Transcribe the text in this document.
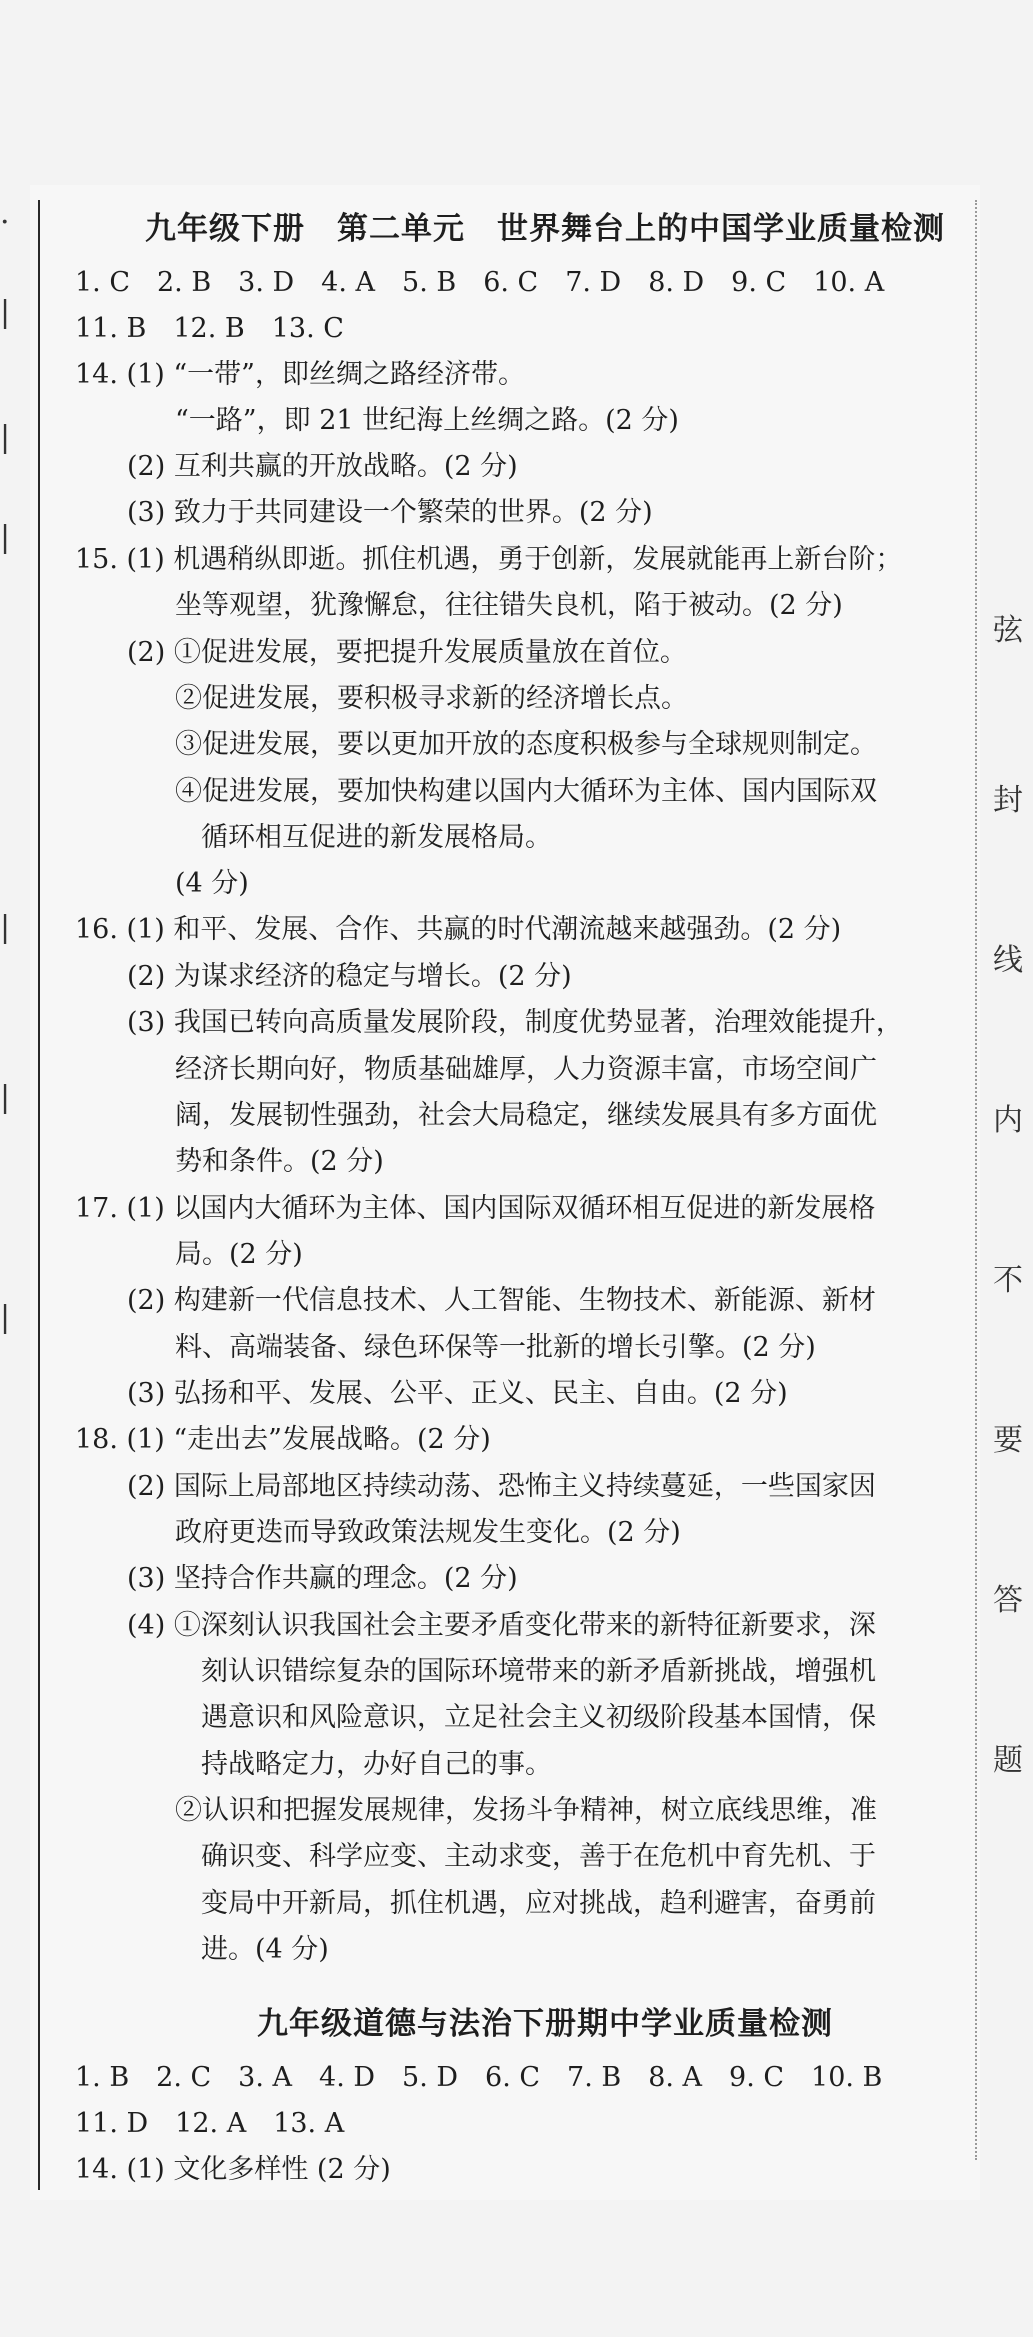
·
|
|
|
|
|
|
弦
封
线
内
不
要
答
题
九年级下册　第二单元　世界舞台上的中国学业质量检测
1. C　2. B　3. D　4. A　5. B　6. C　7. D　8. D　9. C　10. A
11. B　12. B　13. C
14. (1) “一带”，即丝绸之路经济带。
“一路”，即 21 世纪海上丝绸之路。(2 分)
(2) 互利共赢的开放战略。(2 分)
(3) 致力于共同建设一个繁荣的世界。(2 分)
15. (1) 机遇稍纵即逝。抓住机遇，勇于创新，发展就能再上新台阶；
坐等观望，犹豫懈怠，往往错失良机，陷于被动。(2 分)
(2) ①促进发展，要把提升发展质量放在首位。
②促进发展，要积极寻求新的经济增长点。
③促进发展，要以更加开放的态度积极参与全球规则制定。
④促进发展，要加快构建以国内大循环为主体、国内国际双
循环相互促进的新发展格局。
(4 分)
16. (1) 和平、发展、合作、共赢的时代潮流越来越强劲。(2 分)
(2) 为谋求经济的稳定与增长。(2 分)
(3) 我国已转向高质量发展阶段，制度优势显著，治理效能提升，
经济长期向好，物质基础雄厚，人力资源丰富，市场空间广
阔，发展韧性强劲，社会大局稳定，继续发展具有多方面优
势和条件。(2 分)
17. (1) 以国内大循环为主体、国内国际双循环相互促进的新发展格
局。(2 分)
(2) 构建新一代信息技术、人工智能、生物技术、新能源、新材
料、高端装备、绿色环保等一批新的增长引擎。(2 分)
(3) 弘扬和平、发展、公平、正义、民主、自由。(2 分)
18. (1) “走出去”发展战略。(2 分)
(2) 国际上局部地区持续动荡、恐怖主义持续蔓延，一些国家因
政府更迭而导致政策法规发生变化。(2 分)
(3) 坚持合作共赢的理念。(2 分)
(4) ①深刻认识我国社会主要矛盾变化带来的新特征新要求，深
刻认识错综复杂的国际环境带来的新矛盾新挑战，增强机
遇意识和风险意识，立足社会主义初级阶段基本国情，保
持战略定力，办好自己的事。
②认识和把握发展规律，发扬斗争精神，树立底线思维，准
确识变、科学应变、主动求变，善于在危机中育先机、于
变局中开新局，抓住机遇，应对挑战，趋利避害，奋勇前
进。(4 分)
九年级道德与法治下册期中学业质量检测
1. B　2. C　3. A　4. D　5. D　6. C　7. B　8. A　9. C　10. B
11. D　12. A　13. A
14. (1) 文化多样性 (2 分)
